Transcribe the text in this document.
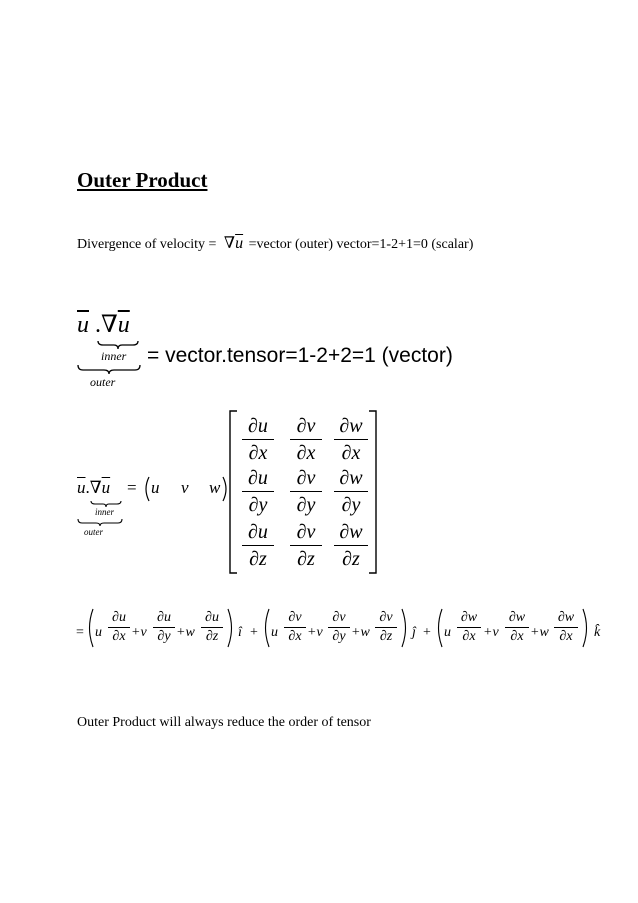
Outer Product
Divergence of velocity = $\nabla\overline{u}$ =vector (outer) vector=1-2+1=0 (scalar)
$\overline{u}$ $.\nabla\overline{u}$
inner
outer
= vector.tensor=1-2+2=1 (vector)
$\overline{u}.\nabla\overline{u}$
inner
outer
= u v w
∂u
∂x
∂v
∂x
∂w
∂x
∂u
∂y
∂v
∂y
∂w
∂y
∂u
∂z
∂v
∂z
∂w
∂z
= u
∂u
∂x +v
∂u
∂y +w
∂u
∂z î + u
∂v
∂x +v
∂v
∂y +w
∂v
∂z ĵ + u
∂w
∂x +v
∂w
∂x +w
∂w
∂x k̂
Outer Product will always reduce the order of tensor
